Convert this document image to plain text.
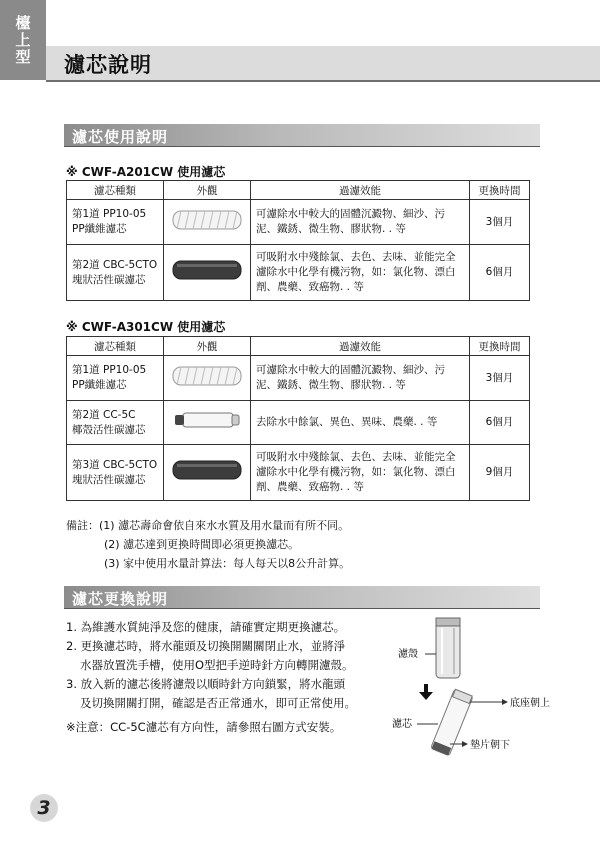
檯
上
型 濾芯說明
濾芯使用說明
※ CWF-A201CW 使用濾芯
濾芯種類	外觀	過濾效能	更換時間
第1道 PP10-05
PP纖維濾芯		可濾除水中較大的固體沉澱物、細沙、污泥、鐵銹、微生物、膠狀物. . 等	3個月
第2道 CBC-5CTO
塊狀活性碳濾芯		可吸附水中殘餘氯、去色、去味、並能完全濾除水中化學有機污物，如：氯化物、漂白劑、農藥、致癌物. . 等	6個月
※ CWF-A301CW 使用濾芯
濾芯種類	外觀	過濾效能	更換時間
第1道 PP10-05
PP纖維濾芯		可濾除水中較大的固體沉澱物、細沙、污泥、鐵銹、微生物、膠狀物. . 等	3個月
第2道 CC-5C
椰殼活性碳濾芯		去除水中餘氯、異色、異味、農藥. . 等	6個月
第3道 CBC-5CTO
塊狀活性碳濾芯		可吸附水中殘餘氯、去色、去味、並能完全濾除水中化學有機污物，如：氯化物、漂白劑、農藥、致癌物. . 等	9個月
備註：(1) 濾芯壽命會依自來水水質及用水量而有所不同。
(2) 濾芯達到更換時間即必須更換濾芯。
(3) 家中使用水量計算法：每人每天以8公升計算。
濾芯更換說明
1. 為維護水質純淨及您的健康，請確實定期更換濾芯。
2. 更換濾芯時，將水龍頭及切換開關關閉止水，並將淨
水器放置洗手槽，使用O型把手逆時針方向轉開濾殼。
3. 放入新的濾芯後將濾殼以順時針方向鎖緊，將水龍頭
及切換開關打開，確認是否正常通水，即可正常使用。
※注意：CC-5C濾芯有方向性，請參照右圖方式安裝。
濾殼
濾芯
底座朝上
墊片朝下
3
